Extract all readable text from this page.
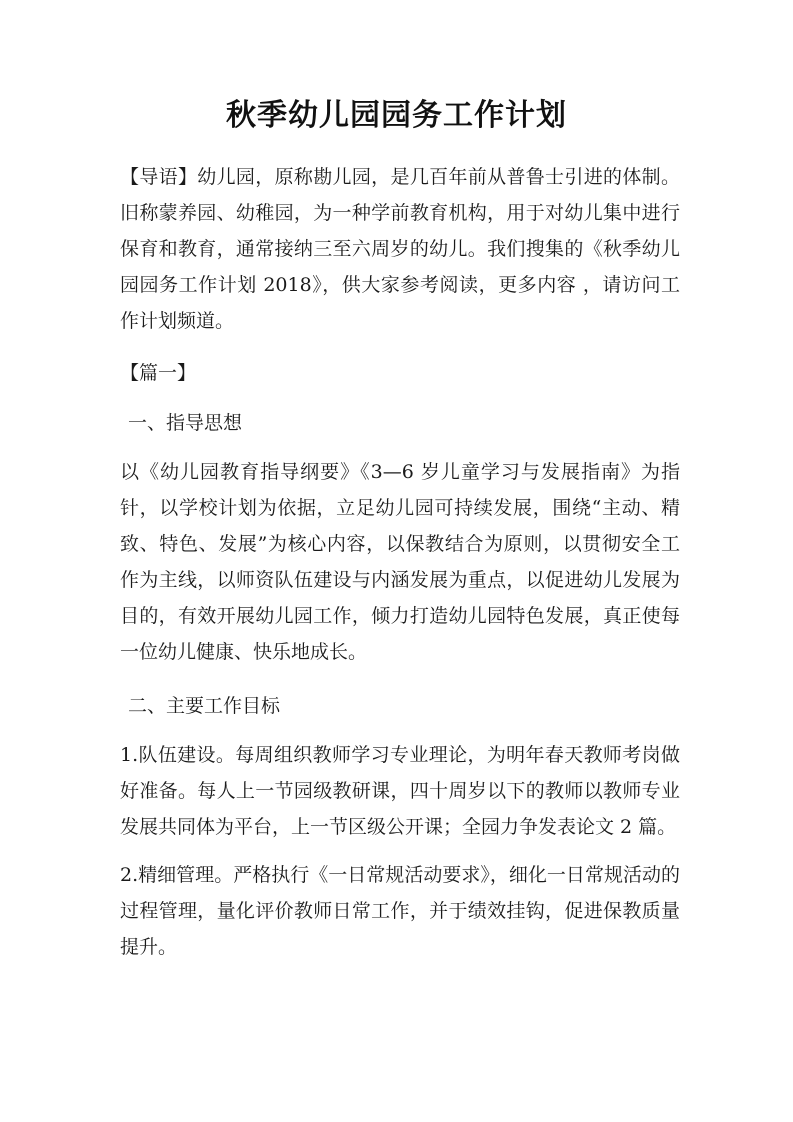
秋季幼儿园园务工作计划
【导语】幼儿园，原称勘儿园，是几百年前从普鲁士引进的体制。旧称蒙养园、幼稚园，为一种学前教育机构，用于对幼儿集中进行保育和教育，通常接纳三至六周岁的幼儿。我们搜集的《秋季幼儿园园务工作计划 2018》，供大家参考阅读，更多内容 ，请访问工作计划频道。
【篇一】
一、指导思想
以《幼儿园教育指导纲要》《3—6 岁儿童学习与发展指南》为指针，以学校计划为依据，立足幼儿园可持续发展，围绕“主动、精致、特色、发展”为核心内容，以保教结合为原则，以贯彻安全工作为主线，以师资队伍建设与内涵发展为重点，以促进幼儿发展为目的，有效开展幼儿园工作，倾力打造幼儿园特色发展，真正使每一位幼儿健康、快乐地成长。
二、主要工作目标
1.队伍建设。每周组织教师学习专业理论，为明年春天教师考岗做好准备。每人上一节园级教研课，四十周岁以下的教师以教师专业发展共同体为平台，上一节区级公开课；全园力争发表论文 2 篇。
2.精细管理。严格执行《一日常规活动要求》，细化一日常规活动的过程管理，量化评价教师日常工作，并于绩效挂钩，促进保教质量提升。
